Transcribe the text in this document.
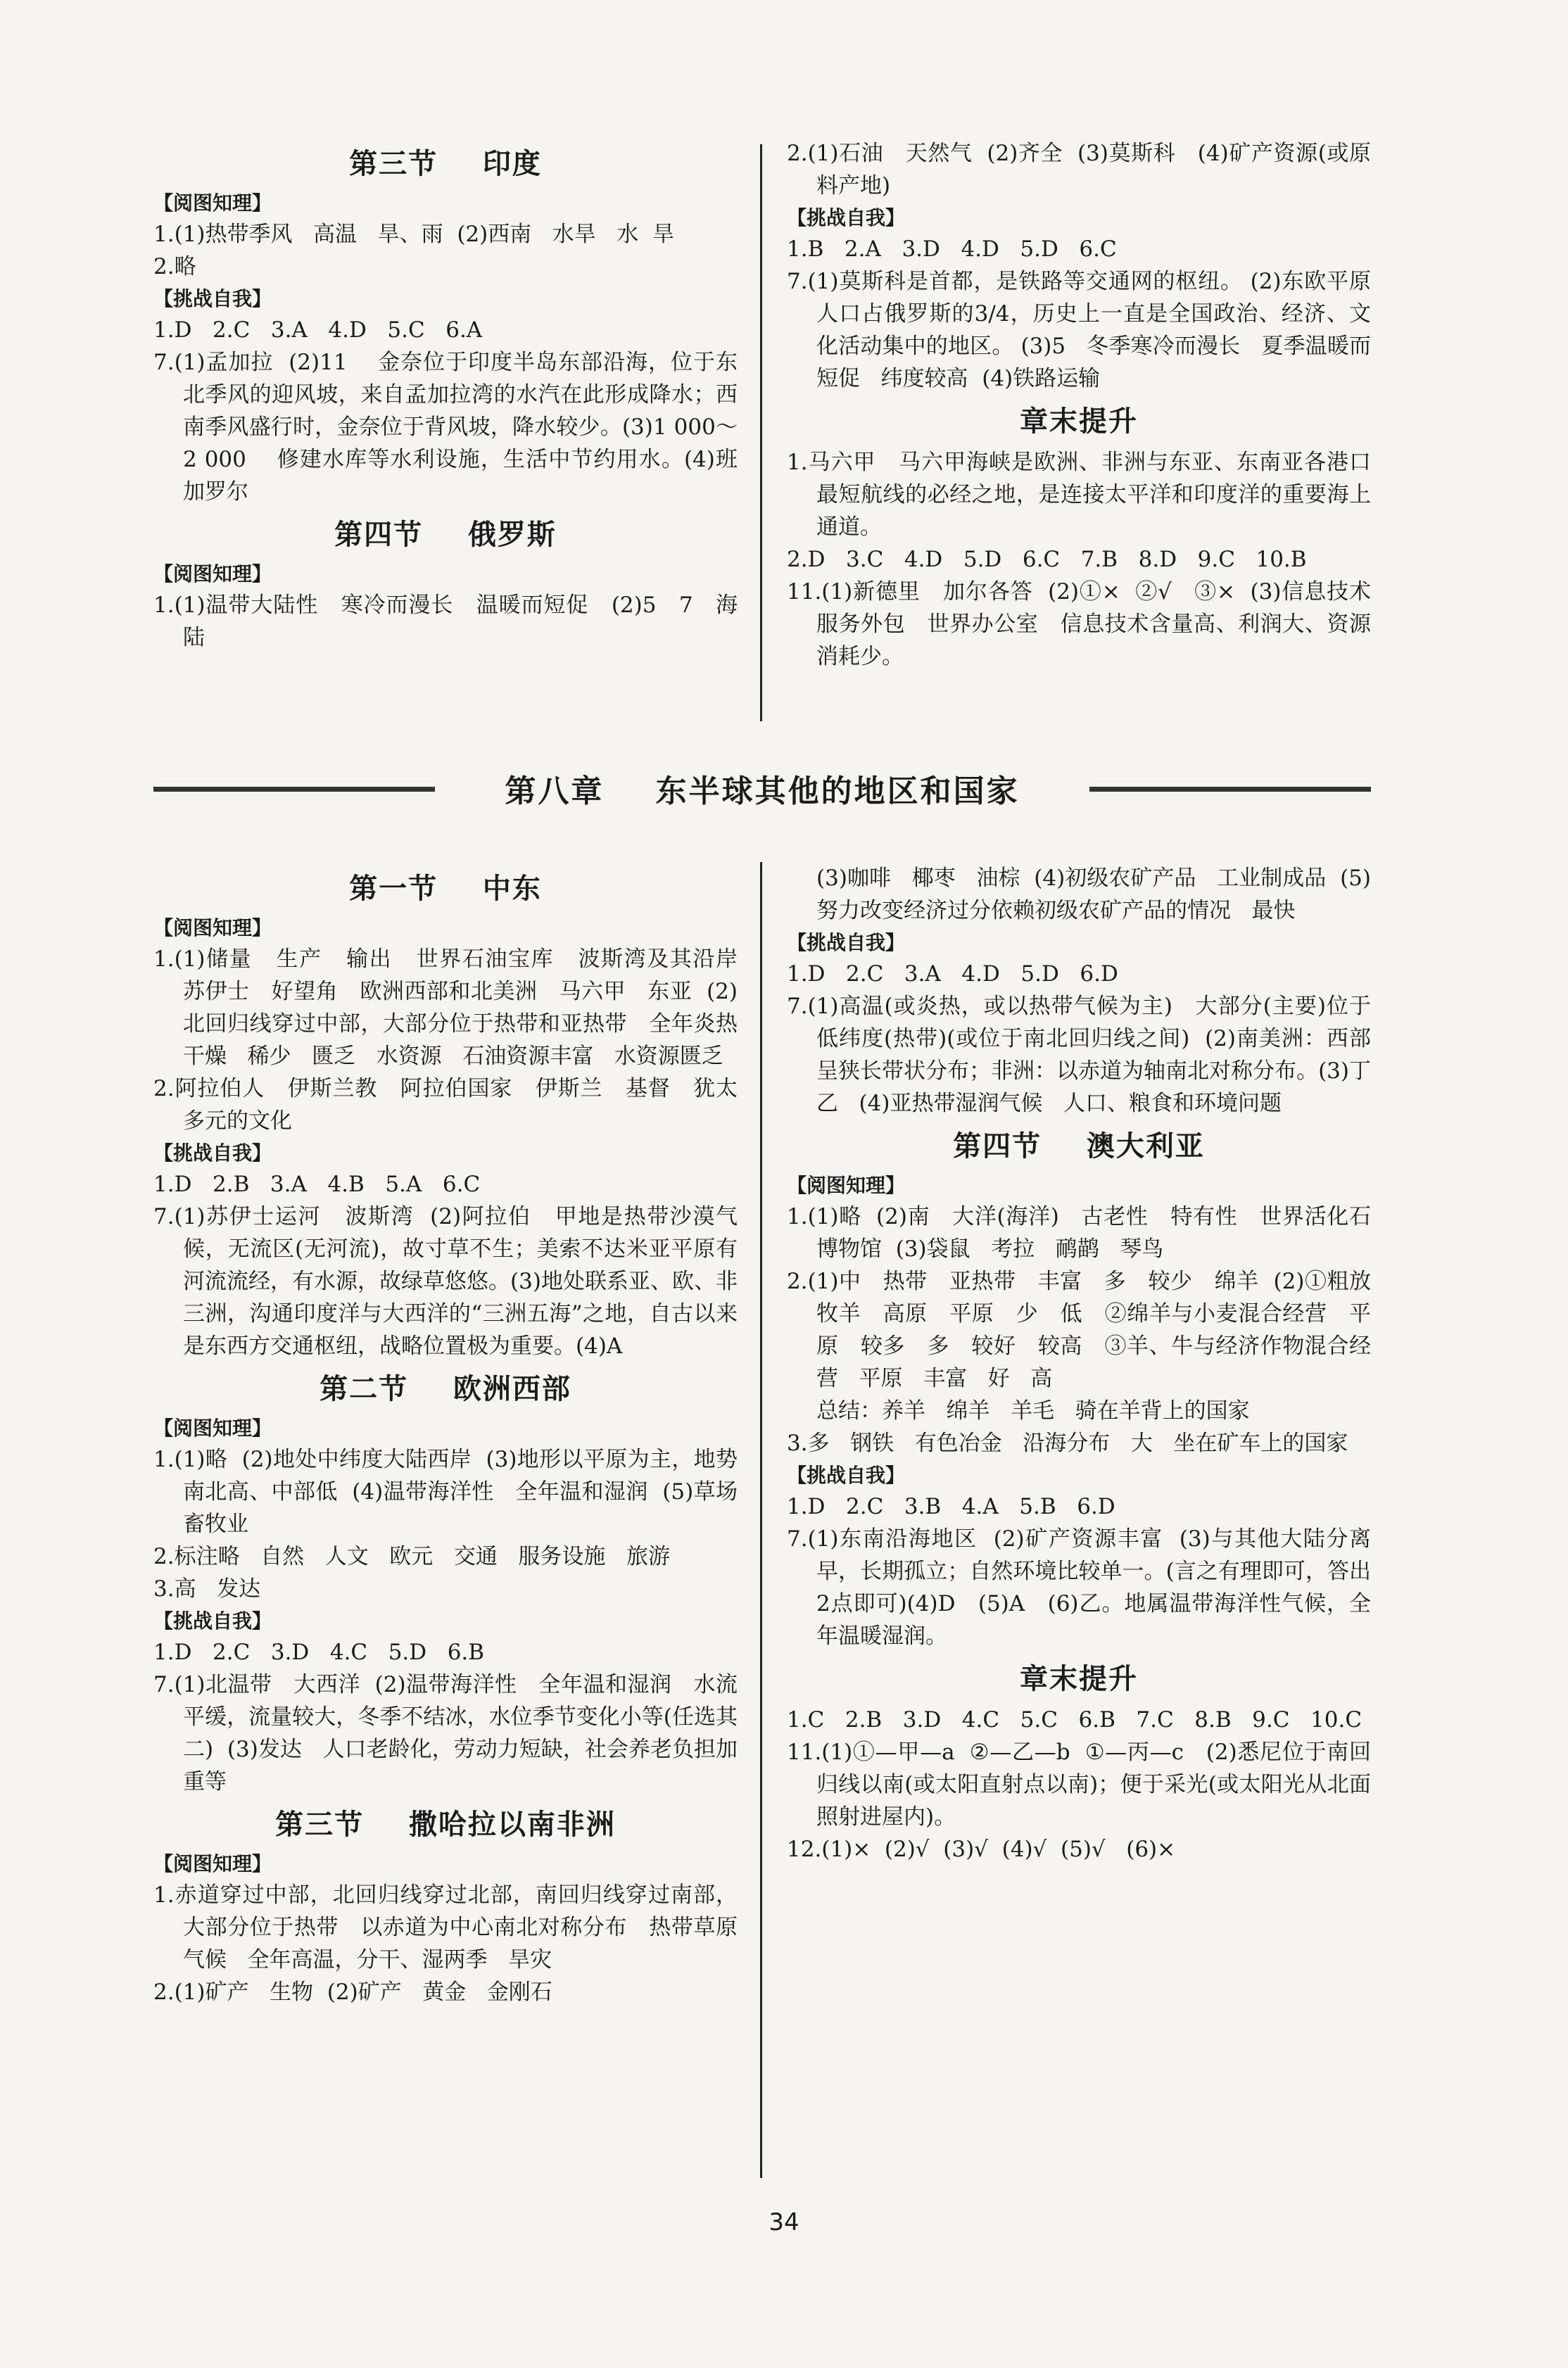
第三节    印度
【阅图知理】
1.(1)热带季风   高温   旱、雨  (2)西南   水旱   水  旱
2.略
【挑战自我】
1.D   2.C   3.A   4.D   5.C   6.A
7.(1)孟加拉  (2)11    金奈位于印度半岛东部沿海，位于东北季风的迎风坡，来自孟加拉湾的水汽在此形成降水；西南季风盛行时，金奈位于背风坡，降水较少。(3)1 000～2 000    修建水库等水利设施，生活中节约用水。(4)班加罗尔
第四节    俄罗斯
【阅图知理】
1.(1)温带大陆性   寒冷而漫长   温暖而短促   (2)5   7   海陆
2.(1)石油   天然气  (2)齐全  (3)莫斯科   (4)矿产资源(或原料产地)
【挑战自我】
1.B   2.A   3.D   4.D   5.D   6.C
7.(1)莫斯科是首都，是铁路等交通网的枢纽。 (2)东欧平原人口占俄罗斯的3/4，历史上一直是全国政治、经济、文化活动集中的地区。 (3)5   冬季寒冷而漫长   夏季温暖而短促   纬度较高  (4)铁路运输
章末提升
1.马六甲   马六甲海峡是欧洲、非洲与东亚、东南亚各港口最短航线的必经之地，是连接太平洋和印度洋的重要海上通道。
2.D   3.C   4.D   5.D   6.C   7.B   8.D   9.C   10.B
11.(1)新德里   加尔各答  (2)①×  ②√   ③×  (3)信息技术服务外包   世界办公室   信息技术含量高、利润大、资源消耗少。
第八章    东半球其他的地区和国家
第一节    中东
【阅图知理】
1.(1)储量   生产   输出   世界石油宝库   波斯湾及其沿岸   苏伊士   好望角   欧洲西部和北美洲   马六甲   东亚  (2)北回归线穿过中部，大部分位于热带和亚热带   全年炎热干燥   稀少   匮乏   水资源   石油资源丰富   水资源匮乏
2.阿拉伯人   伊斯兰教   阿拉伯国家   伊斯兰   基督   犹太   多元的文化
【挑战自我】
1.D   2.B   3.A   4.B   5.A   6.C
7.(1)苏伊士运河   波斯湾  (2)阿拉伯   甲地是热带沙漠气候，无流区(无河流)，故寸草不生；美索不达米亚平原有河流流经，有水源，故绿草悠悠。(3)地处联系亚、欧、非三洲，沟通印度洋与大西洋的“三洲五海”之地，自古以来是东西方交通枢纽，战略位置极为重要。(4)A
第二节    欧洲西部
【阅图知理】
1.(1)略  (2)地处中纬度大陆西岸  (3)地形以平原为主，地势南北高、中部低  (4)温带海洋性   全年温和湿润  (5)草场   畜牧业
2.标注略   自然   人文   欧元   交通   服务设施   旅游
3.高   发达
【挑战自我】
1.D   2.C   3.D   4.C   5.D   6.B
7.(1)北温带   大西洋  (2)温带海洋性   全年温和湿润   水流平缓，流量较大，冬季不结冰，水位季节变化小等(任选其二)  (3)发达   人口老龄化，劳动力短缺，社会养老负担加重等
第三节    撒哈拉以南非洲
【阅图知理】
1.赤道穿过中部，北回归线穿过北部，南回归线穿过南部，大部分位于热带   以赤道为中心南北对称分布   热带草原气候   全年高温，分干、湿两季   旱灾
2.(1)矿产   生物  (2)矿产   黄金   金刚石
(3)咖啡   椰枣   油棕  (4)初级农矿产品   工业制成品  (5)努力改变经济过分依赖初级农矿产品的情况   最快
【挑战自我】
1.D   2.C   3.A   4.D   5.D   6.D
7.(1)高温(或炎热，或以热带气候为主)   大部分(主要)位于低纬度(热带)(或位于南北回归线之间)  (2)南美洲：西部呈狭长带状分布；非洲：以赤道为轴南北对称分布。(3)丁   乙   (4)亚热带湿润气候   人口、粮食和环境问题
第四节    澳大利亚
【阅图知理】
1.(1)略  (2)南   大洋(海洋)   古老性   特有性   世界活化石博物馆  (3)袋鼠   考拉   鸸鹋   琴鸟
2.(1)中   热带   亚热带   丰富   多   较少   绵羊  (2)①粗放牧羊   高原   平原   少   低   ②绵羊与小麦混合经营   平原   较多   多   较好   较高   ③羊、牛与经济作物混合经营   平原   丰富   好   高
总结：养羊   绵羊   羊毛   骑在羊背上的国家
3.多   钢铁   有色冶金   沿海分布   大   坐在矿车上的国家
【挑战自我】
1.D   2.C   3.B   4.A   5.B   6.D
7.(1)东南沿海地区  (2)矿产资源丰富  (3)与其他大陆分离早，长期孤立；自然环境比较单一。(言之有理即可，答出2点即可)(4)D   (5)A   (6)乙。地属温带海洋性气候，全年温暖湿润。
章末提升
1.C   2.B   3.D   4.C   5.C   6.B   7.C   8.B   9.C   10.C
11.(1)①—甲—a  ②—乙—b  ①—丙—c   (2)悉尼位于南回归线以南(或太阳直射点以南)；便于采光(或太阳光从北面照射进屋内)。
12.(1)×  (2)√  (3)√  (4)√  (5)√   (6)×
34
